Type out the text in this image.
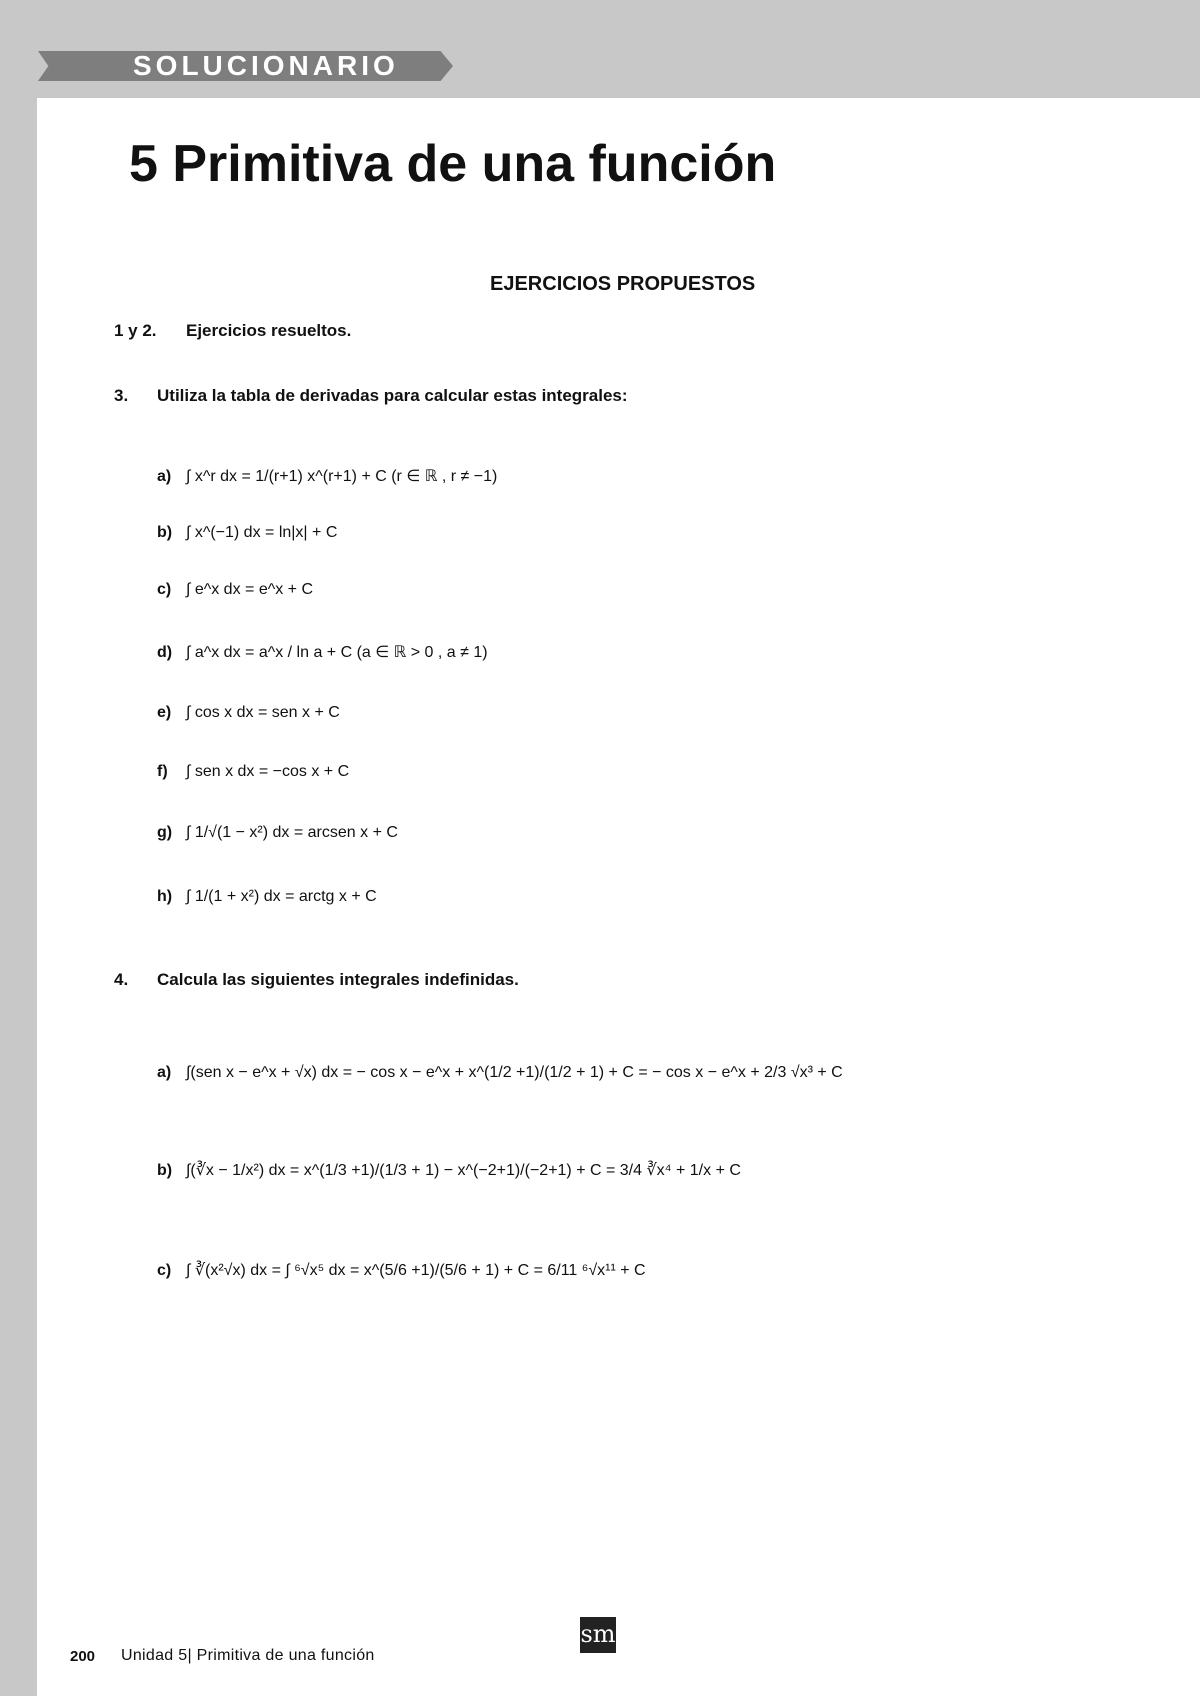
SOLUCIONARIO
5 Primitiva de una función
EJERCICIOS PROPUESTOS
1 y 2. Ejercicios resueltos.
3. Utiliza la tabla de derivadas para calcular estas integrales:
4. Calcula las siguientes integrales indefinidas.
a) ∫ x^r dx = 1/(r+1) x^(r+1) + C (r ∈ ℝ , r ≠ −1)
b) ∫ x^(−1) dx = ln|x| + C
c) ∫ e^x dx = e^x + C
d) ∫ a^x dx = a^x / ln a + C (a ∈ ℝ > 0 , a ≠ 1)
e) ∫ cos x dx = sen x + C
f) ∫ sen x dx = −cos x + C
g) ∫ 1/√(1 − x²) dx = arcsen x + C
h) ∫ 1/(1 + x²) dx = arctg x + C
a) ∫(sen x − e^x + √x) dx = − cos x − e^x + x^(1/2 +1)/(1/2 + 1) + C = − cos x − e^x + 2/3 √x³ + C
b) ∫(∛x − 1/x²) dx = x^(1/3 +1)/(1/3 + 1) − x^(−2+1)/(−2+1) + C = 3/4 ∛x⁴ + 1/x + C
c) ∫ ∛(x²√x) dx = ∫ ⁶√x⁵ dx = x^(5/6 +1)/(5/6 + 1) + C = 6/11 ⁶√x¹¹ + C
200 Unidad 5| Primitiva de una función
sm
